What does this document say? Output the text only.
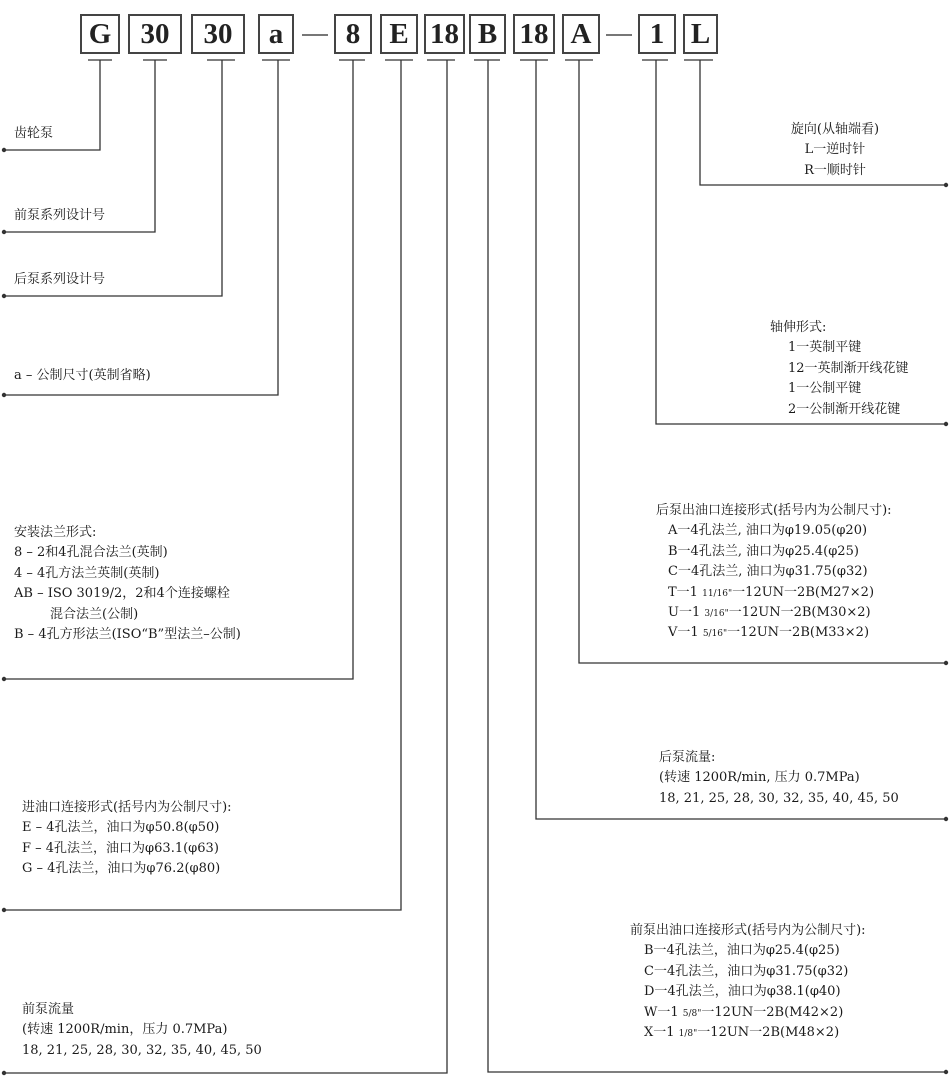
G	30	30	a	8	E 18 B 18 A	1 L
齿轮泵
前泵系列设计号
后泵系列设计号
a – 公制尺寸(英制省略)
安装法兰形式:
8 – 2和4孔混合法兰(英制)
4 – 4孔方法兰英制(英制)
AB – ISO 3019/2，2和4个连接螺栓
混合法兰(公制)
B – 4孔方形法兰(ISO“B”型法兰–公制)
进油口连接形式(括号内为公制尺寸):
E – 4孔法兰，油口为φ50.8(φ50)
F – 4孔法兰，油口为φ63.1(φ63)
G – 4孔法兰，油口为φ76.2(φ80)
前泵流量
(转速 1200R/min，压力 0.7MPa)
18, 21, 25, 28, 30, 32, 35, 40, 45, 50
旋向(从轴端看)
L一逆时针
R一顺时针
轴伸形式:
1一英制平键
12一英制渐开线花键
1一公制平键
2一公制渐开线花键
后泵出油口连接形式(括号内为公制尺寸):
A一4孔法兰, 油口为φ19.05(φ20)
B一4孔法兰, 油口为φ25.4(φ25)
C一4孔法兰, 油口为φ31.75(φ32)
T一1 11/16"一12UN一2B(M27×2)
U一1 3/16"一12UN一2B(M30×2)
V一1 5/16"一12UN一2B(M33×2)
后泵流量:
(转速 1200R/min, 压力 0.7MPa)
18, 21, 25, 28, 30, 32, 35, 40, 45, 50
前泵出油口连接形式(括号内为公制尺寸):
B一4孔法兰，油口为φ25.4(φ25)
C一4孔法兰，油口为φ31.75(φ32)
D一4孔法兰，油口为φ38.1(φ40)
W一1 5/8"一12UN一2B(M42×2)
X一1 1/8"一12UN一2B(M48×2)
